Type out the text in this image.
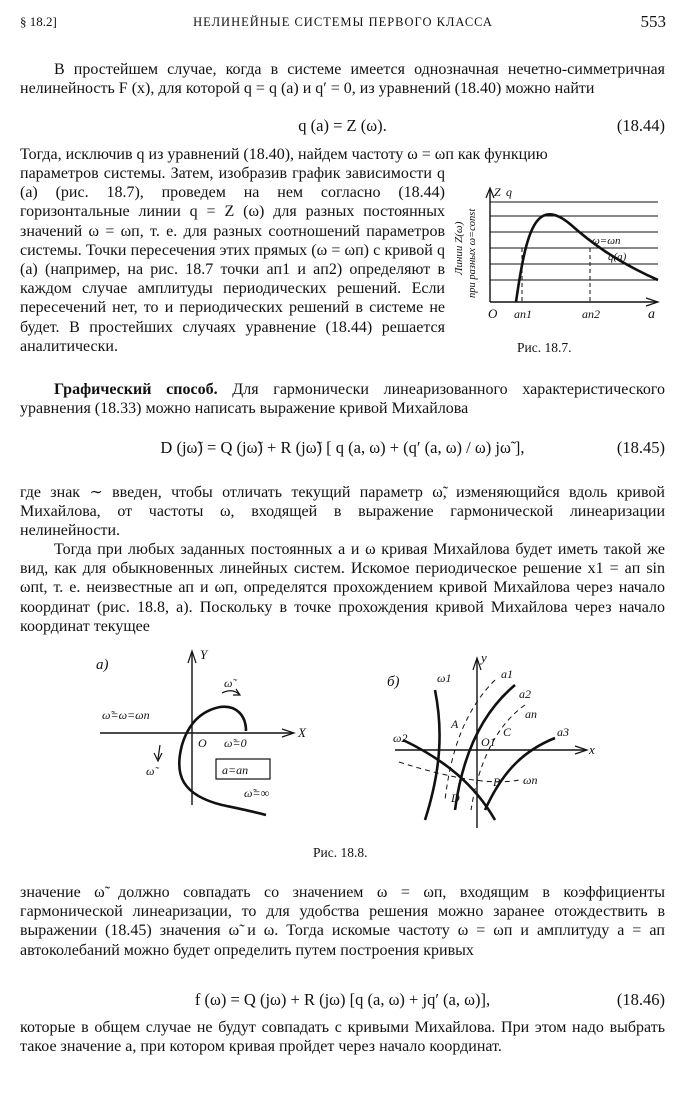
§ 18.2]	НЕЛИНЕЙНЫЕ СИСТЕМЫ ПЕРВОГО КЛАССА	553

В простейшем случае, когда в системе имеется однозначная нечетно-симметричная нелинейность F (x), для которой q = q (a) и q′ = 0, из уравнений (18.40) можно найти

q (a) = Z (ω).	(18.44)

Тогда, исключив q из уравнений (18.40), найдем частоту ω = ωп как функцию

параметров системы. Затем, изобразив график зависимости q (a) (рис. 18.7), проведем на нем согласно (18.44) горизонтальные линии q = Z (ω) для разных постоянных значений ω = ωп, т. е. для разных соотношений параметров системы. Точки пересечения этих прямых (ω = ωп) с кривой q (a) (например, на рис. 18.7 точки aп1 и aп2) определяют в каждом случае амплитуды периодических решений. Если пересечений нет, то и периодических решений в системе не будет. В простейших случаях уравнение (18.44) решается аналитически.

Z q
Линии Z(ω) при разных ω=const
O	a
ω=ωп
q(a)
aп1	aп2
Рис. 18.7.

Графический способ. Для гармонически линеаризованного характеристического уравнения (18.33) можно написать выражение кривой Михайлова

D (jω̃) = Q (jω̃) + R (jω̃) [ q (a, ω) + (q′ (a, ω) / ω) jω̃ ],	(18.45)

где знак ∼ введен, чтобы отличать текущий параметр ω̃, изменяющийся вдоль кривой Михайлова, от частоты ω, входящей в выражение гармонической линеаризации нелинейности.

Тогда при любых заданных постоянных a и ω кривая Михайлова будет иметь такой же вид, как для обыкновенных линейных систем. Искомое периодическое решение x1 = aп sin ωпt, т. е. неизвестные aп и ωп, определятся прохождением кривой Михайлова через начало координат (рис. 18.8, a). Поскольку в точке прохождения кривой Михайлова через начало координат текущее

а)
Y
X
O
ω̃
ω̃=ω=ωп
ω̃=0
ω̃	a=aп
ω̃=∞
б)
y
x
ω1
ω2
ωп
a1
a2
aп
a3
A
C
O1
B
D
Рис. 18.8.

значение ω̃ должно совпадать со значением ω = ωп, входящим в коэффициенты гармонической линеаризации, то для удобства решения можно заранее отождествить в выражении (18.45) значения ω̃ и ω. Тогда искомые частоту ω = ωп и амплитуду a = aп автоколебаний можно будет определить путем построения кривых

f (ω) = Q (jω) + R (jω) [q (a, ω) + jq′ (a, ω)],	(18.46)

которые в общем случае не будут совпадать с кривыми Михайлова. При этом надо выбрать такое значение a, при котором кривая пройдет через начало координат.
